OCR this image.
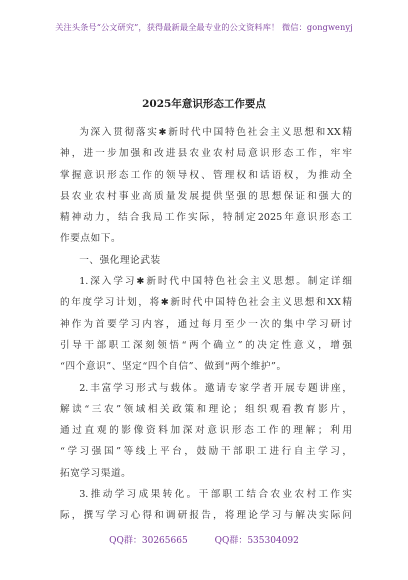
关注头条号“公文研究”，获得最新最全最专业的公文资料库！ 微信：gongwenyj
2025年意识形态工作要点
为深入贯彻落实✱新时代中国特色社会主义思想和XX精
神，进一步加强和改进县农业农村局意识形态工作，牢牢
掌握意识形态工作的领导权、管理权和话语权，为推动全
县农业农村事业高质量发展提供坚强的思想保证和强大的
精神动力，结合我局工作实际，特制定2025年意识形态工
作要点如下。
一、强化理论武装
1.深入学习✱新时代中国特色社会主义思想。制定详细
的年度学习计划，将✱新时代中国特色社会主义思想和XX精
神作为首要学习内容，通过每月至少一次的集中学习研讨
引导干部职工深刻领悟“两个确立”的决定性意义，增强
“四个意识”、坚定“四个自信”、做到“两个维护”。
2.丰富学习形式与载体。邀请专家学者开展专题讲座，
解读“三农”领域相关政策和理论；组织观看教育影片，
通过直观的影像资料加深对意识形态工作的理解；利用
“学习强国”等线上平台，鼓励干部职工进行自主学习，
拓宽学习渠道。
3.推动学习成果转化。干部职工结合农业农村工作实
际，撰写学习心得和调研报告，将理论学习与解决实际问
QQ群：30265665	QQ群：535304092
